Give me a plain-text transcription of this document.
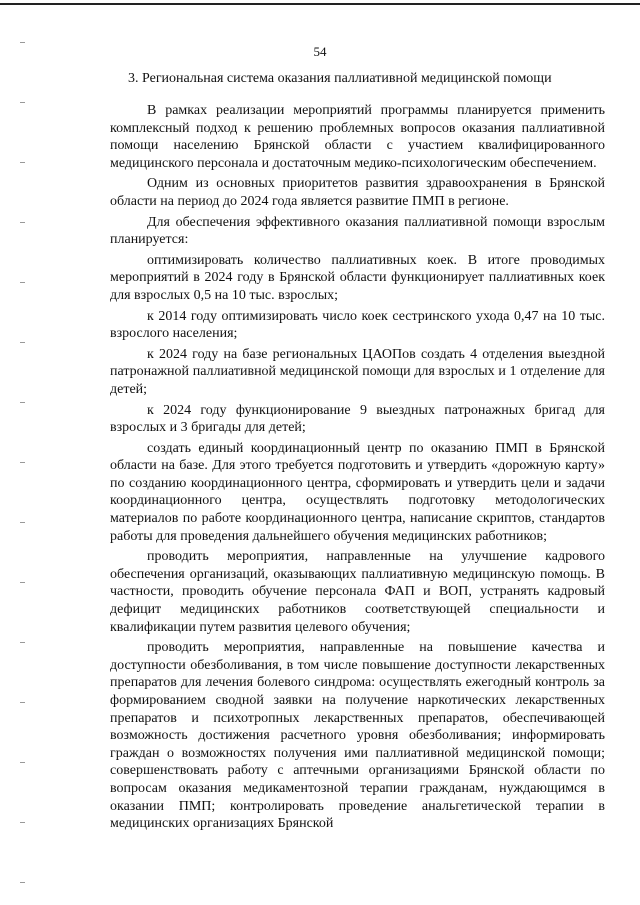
54
3. Региональная система оказания паллиативной медицинской помощи

В рамках реализации мероприятий программы планируется применить комплексный подход к решению проблемных вопросов оказания паллиативной помощи населению Брянской области с участием квалифицированного медицинского персонала и достаточным медико-психологическим обеспечением.

Одним из основных приоритетов развития здравоохранения в Брянской области на период до 2024 года является развитие ПМП в регионе.

Для обеспечения эффективного оказания паллиативной помощи взрослым планируется:

оптимизировать количество паллиативных коек. В итоге проводимых мероприятий в 2024 году в Брянской области функционирует паллиативных коек для взрослых 0,5 на 10 тыс. взрослых;

к 2014 году оптимизировать число коек сестринского ухода 0,47 на 10 тыс. взрослого населения;

к 2024 году на базе региональных ЦАОПов создать 4 отделения выездной патронажной паллиативной медицинской помощи для взрослых и 1 отделение для детей;

к 2024 году функционирование 9 выездных патронажных бригад для взрослых и 3 бригады для детей;

создать единый координационный центр по оказанию ПМП в Брянской области на базе. Для этого требуется подготовить и утвердить «дорожную карту» по созданию координационного центра, сформировать и утвердить цели и задачи координационного центра, осуществлять подготовку методологических материалов по работе координационного центра, написание скриптов, стандартов работы для проведения дальнейшего обучения медицинских работников;

проводить мероприятия, направленные на улучшение кадрового обеспечения организаций, оказывающих паллиативную медицинскую помощь. В частности, проводить обучение персонала ФАП и ВОП, устранять кадровый дефицит медицинских работников соответствующей специальности и квалификации путем развития целевого обучения;

проводить мероприятия, направленные на повышение качества и доступности обезболивания, в том числе повышение доступности лекарственных препаратов для лечения болевого синдрома: осуществлять ежегодный контроль за формированием сводной заявки на получение наркотических лекарственных препаратов и психотропных лекарственных препаратов, обеспечивающей возможность достижения расчетного уровня обезболивания; информировать граждан о возможностях получения ими паллиативной медицинской помощи; совершенствовать работу с аптечными организациями Брянской области по вопросам оказания медикаментозной терапии гражданам, нуждающимся в оказании ПМП; контролировать проведение анальгетической терапии в медицинских организациях Брянской
